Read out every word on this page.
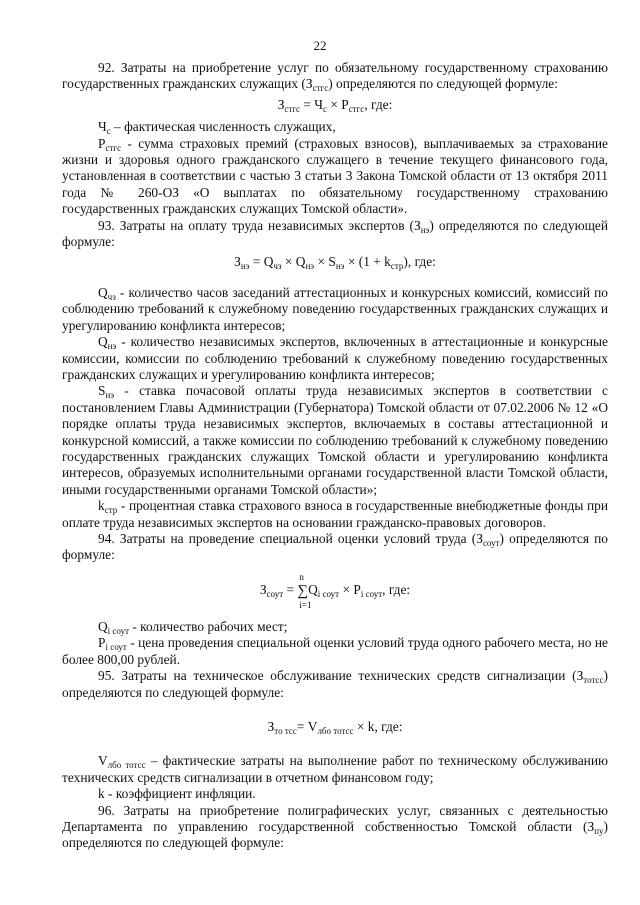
22

92. Затраты на приобретение услуг по обязательному государственному страхованию государственных гражданских служащих $(З_{стгс})$ определяются по следующей формуле:

$З_{стгс} = Ч_с \times Р_{стгс}$, где:

$Ч_с$ – фактическая численность служащих,

$Р_{стгс}$ - сумма страховых премий (страховых взносов), выплачиваемых за страхование жизни и здоровья одного гражданского служащего в течение текущего финансового года, установленная в соответствии с частью 3 статьи 3 Закона Томской области от 13 октября 2011 года № 260-ОЗ «О выплатах по обязательному государственному страхованию государственных гражданских служащих Томской области».

93. Затраты на оплату труда независимых экспертов $(З_{нэ})$ определяются по следующей формуле:

$З_{нэ} = Q_{чз} \times Q_{нэ} \times S_{нэ} \times (1 + k_{стр})$, где:

$Q_{чз}$ - количество часов заседаний аттестационных и конкурсных комиссий, комиссий по соблюдению требований к служебному поведению государственных гражданских служащих и урегулированию конфликта интересов;

$Q_{нэ}$ - количество независимых экспертов, включенных в аттестационные и конкурсные комиссии, комиссии по соблюдению требований к служебному поведению государственных гражданских служащих и урегулированию конфликта интересов;

$S_{нэ}$ - ставка почасовой оплаты труда независимых экспертов в соответствии с постановлением Главы Администрации (Губернатора) Томской области от 07.02.2006 № 12 «О порядке оплаты труда независимых экспертов, включаемых в составы аттестационной и конкурсной комиссий, а также комиссии по соблюдению требований к служебному поведению государственных гражданских служащих Томской области и урегулированию конфликта интересов, образуемых исполнительными органами государственной власти Томской области, иными государственными органами Томской области»;

$k_{стр}$ - процентная ставка страхового взноса в государственные внебюджетные фонды при оплате труда независимых экспертов на основании гражданско-правовых договоров.

94. Затраты на проведение специальной оценки условий труда $(З_{соут})$ определяются по формуле:

$З_{соут}$ =
n
∑
i=1
$Q_{i соут} \times P_{i соут}$, где:

$Q_{i соут}$ - количество рабочих мест;

$P_{i соут}$ - цена проведения специальной оценки условий труда одного рабочего места, но не более 800,00 рублей.

95. Затраты на техническое обслуживание технических средств сигнализации $(З_{тотсс})$ определяются по следующей формуле:

$З_{то тсс}= V_{лбо тотсс} \times k$, где:

$V_{лбо тотсс}$ – фактические затраты на выполнение работ по техническому обслуживанию технических средств сигнализации в отчетном финансовом году;

k - коэффициент инфляции.

96. Затраты на приобретение полиграфических услуг, связанных с деятельностью Департамента по управлению государственной собственностью Томской области $(З_{пу})$ определяются по следующей формуле:
